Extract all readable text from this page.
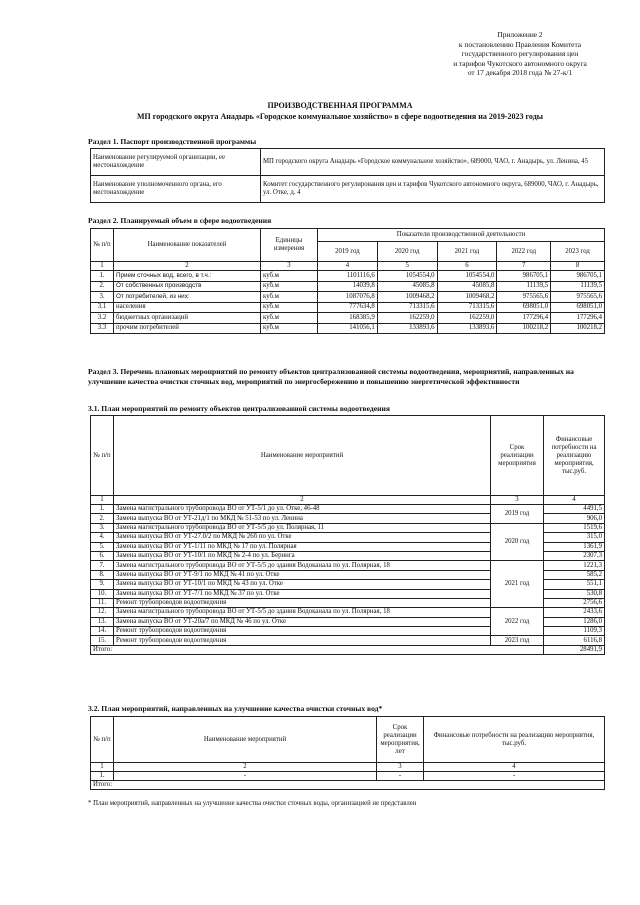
Приложение 2
к постановлению Правления Комитета
государственного регулирования цен
и тарифов Чукотского автономного округа
от 17 декабря 2018 года № 27-к/1
ПРОИЗВОДСТВЕННАЯ ПРОГРАММА
МП городского округа Анадырь «Городское коммунальное хозяйство» в сфере водоотведения на 2019-2023 годы
Раздел 1. Паспорт производственной программы
Наименование регулируемой организации, ее местонахождение	МП городского округа Анадырь «Городское коммунальное хозяйство», 689000, ЧАО, г. Анадырь, ул. Ленина, 45
Наименование уполномоченного органа, его местонахождение	Комитет государственного регулирования цен и тарифов Чукотского автономного округа, 689000, ЧАО, г. Анадырь, ул. Отке, д. 4
Раздел 2. Планируемый объем в сфере водоотведения
№ п/п	Наименование показателей	Единицы измерения	Показатели производственной деятельности				
			2019 год	2020 год	2021 год	2022 год	2023 год
1	2	3	4	5	6	7	8
1.	Прием сточных вод, всего, в т.ч.:	куб.м	1101116,6	1054554,0	1054554,0	986705,1	986705,1
2.	От собственных производств	куб.м	14039,8	45085,8	45085,8	11139,5	11139,5
3.	От потребителей, из них:	куб.м	1087076,8	1009468,2	1009468,2	975565,6	975565,6
3.1	населения	куб.м	777634,8	713315,6	713315,6	698051,0	698051,0
3.2	бюджетных организаций	куб.м	168385,9	162259,0	162259,0	177296,4	177296,4
3.3	прочим потребителей	куб.м	141056,1	133893,6	133893,6	100218,2	100218,2
Раздел 3. Перечень плановых мероприятий по ремонту объектов централизованной системы водоотведения, мероприятий, направленных на улучшение качества очистки сточных вод, мероприятий по энергосбережению и повышению энергетической эффективности
3.1. План мероприятий по ремонту объектов централизованной системы водоотведения
№ п/п	Наименование мероприятий	Срок реализации мероприятия	Финансовые потребности на реализацию мероприятия, тыс.руб.
1	2	3	4
1.	Замена магистрального трубопровода ВО от УТ-5/1 до ул. Отке, 46-48	2019 год	4491,5
2.	Замена выпуска ВО от УТ-21д/1 по МКД № 51-53 по ул. Ленина		906,0
3.	Замена магистрального трубопровода ВО от УТ-5/5 до ул. Полярная, 11	2020 год	1519,6
4.	Замена выпуска ВО от УТ-27.0/2 по МКД № 26б по ул. Отке		315,0
5.	Замена выпуска ВО от УТ-1/11 по МКД № 17 по ул. Полярная		1361,9
6.	Замена выпуска ВО от УТ-10/1 по МКД № 2-4 по ул. Беринга		2307,3
7.	Замена магистрального трубопровода ВО от УТ-5/5 до здания Водоканала по ул. Полярная, 18	2021 год	1221,3
8.	Замена выпуска ВО от УТ-9/1 по МКД № 41 по ул. Отке		585,2
9.	Замена выпуска ВО от УТ-10/1 по МКД № 43 по ул. Отке		551,1
10.	Замена выпуска ВО от УТ-7/1 по МКД № 37 по ул. Отке		530,8
11.	Ремонт трубопроводов водоотведения		2756,6
12.	Замена магистрального трубопровода ВО от УТ-5/5 до здания Водоканала по ул. Полярная, 18	2022 год	2433,6
13.	Замена выпуска ВО от УТ-20а/7 по МКД № 46 по ул. Отке		1286,0
14.	Ремонт трубопроводов водоотведения		1109,3
15.	Ремонт трубопроводов водоотведения	2023 год	6116,8
Итого:			28491,9
3.2. План мероприятий, направленных на улучшение качества очистки сточных вод*
№ п/п	Наименование мероприятий	Срок реализации мероприятия, лет	Финансовые потребности на реализацию мероприятия, тыс.руб.
1	2	3	4
1.	-	-	-
Итого:			
* План мероприятий, направленных на улучшение качества очистки сточных воды, организацией не представлен
